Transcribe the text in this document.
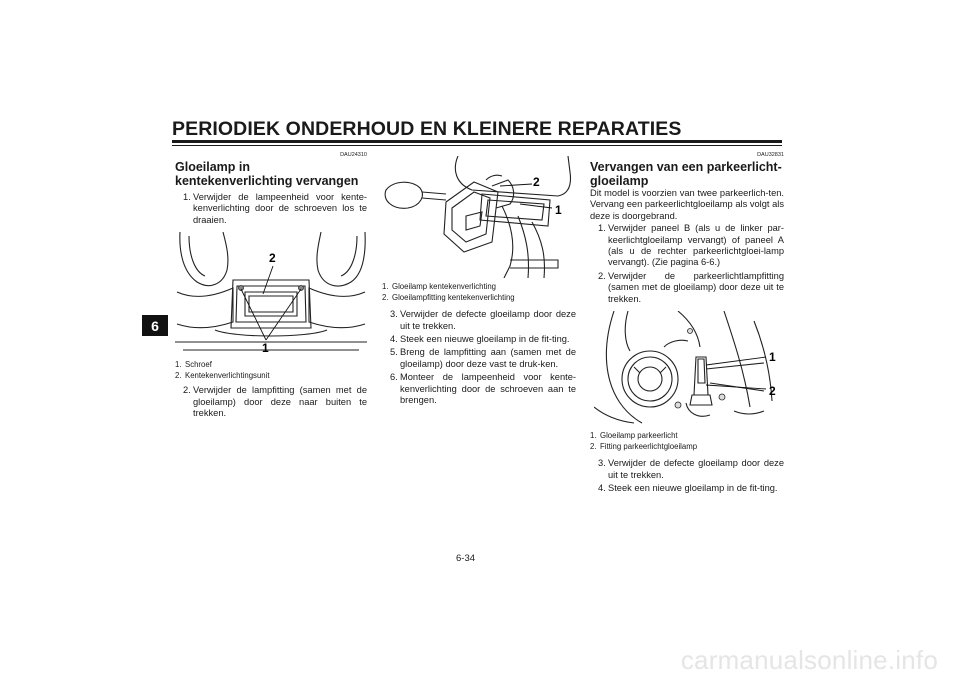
PERIODIEK ONDERHOUD EN KLEINERE REPARATIES
6
DAU24310
Gloeilamp in kentekenverlichting vervangen
1. Verwijder de lampeenheid voor kente-kenverlichting door de schroeven los te draaien.
2
1
1. Schroef
2. Kentekenverlichtingsunit
2. Verwijder de lampfitting (samen met de gloeilamp) door deze naar buiten te trekken.
2
1
1. Gloeilamp kentekenverlichting
2. Gloeilampfitting kentekenverlichting
3. Verwijder de defecte gloeilamp door deze uit te trekken.
4. Steek een nieuwe gloeilamp in de fit-ting.
5. Breng de lampfitting aan (samen met de gloeilamp) door deze vast te druk-ken.
6. Monteer de lampeenheid voor kente-kenverlichting door de schroeven aan te brengen.
DAU32831
Vervangen van een parkeerlicht-gloeilamp

Dit model is voorzien van twee parkeerlich-ten. Vervang een parkeerlichtgloeilamp als volgt als deze is doorgebrand.

1. Verwijder paneel B (als u de linker par-keerlichtgloeilamp vervangt) of paneel A (als u de rechter parkeerlichtgloei-lamp vervangt). (Zie pagina 6-6.)
2. Verwijder de parkeerlichtlampfitting (samen met de gloeilamp) door deze uit te trekken.
1
2
1. Gloeilamp parkeerlicht
2. Fitting parkeerlichtgloeilamp
3. Verwijder de defecte gloeilamp door deze uit te trekken.
4. Steek een nieuwe gloeilamp in de fit-ting.
6-34
carmanualsonline.info
